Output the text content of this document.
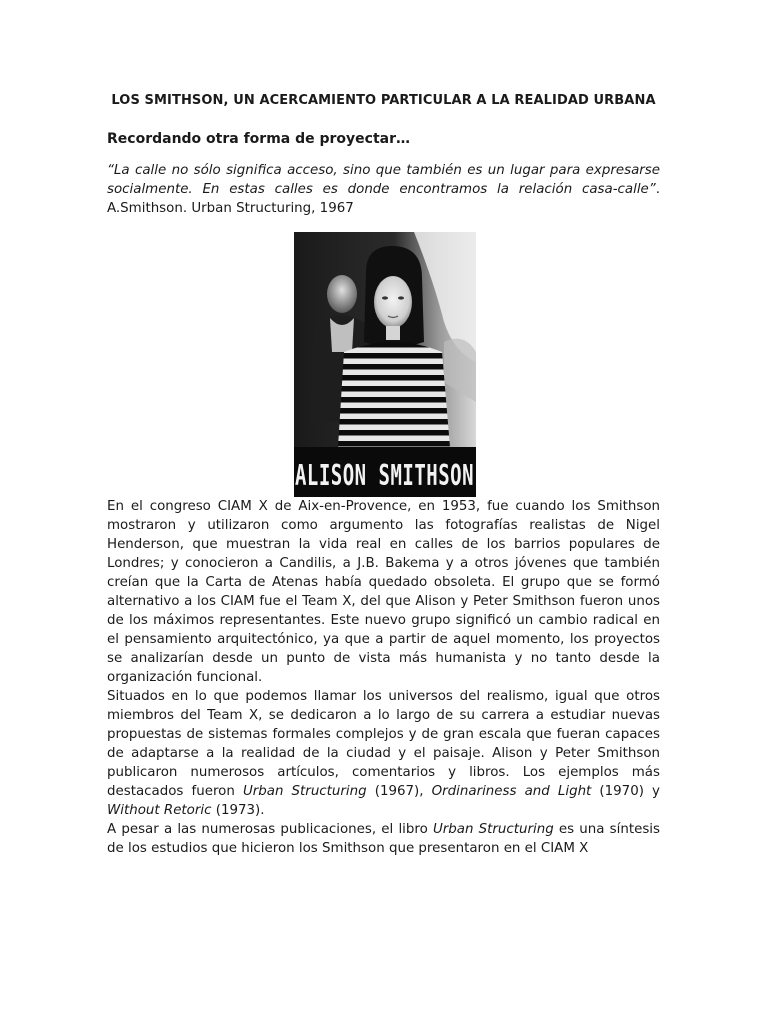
LOS SMITHSON, UN ACERCAMIENTO PARTICULAR A LA REALIDAD URBANA
Recordando otra forma de proyectar…

“La calle no sólo significa acceso, sino que también es un lugar para expresarse socialmente. En estas calles es donde encontramos la relación casa-calle”. A.Smithson. Urban Structuring, 1967

ALISON SMITHSON

En el congreso CIAM X de Aix-en-Provence, en 1953, fue cuando los Smithson mostraron y utilizaron como argumento las fotografías realistas de Nigel Henderson, que muestran la vida real en calles de los barrios populares de Londres; y conocieron a Candilis, a J.B. Bakema y a otros jóvenes que también creían que la Carta de Atenas había quedado obsoleta. El grupo que se formó alternativo a los CIAM fue el Team X, del que Alison y Peter Smithson fueron unos de los máximos representantes. Este nuevo grupo significó un cambio radical en el pensamiento arquitectónico, ya que a partir de aquel momento, los proyectos se analizarían desde un punto de vista más humanista y no tanto desde la organización funcional.

Situados en lo que podemos llamar los universos del realismo, igual que otros miembros del Team X, se dedicaron a lo largo de su carrera a estudiar nuevas propuestas de sistemas formales complejos y de gran escala que fueran capaces de adaptarse a la realidad de la ciudad y el paisaje. Alison y Peter Smithson publicaron numerosos artículos, comentarios y libros. Los ejemplos más destacados fueron Urban Structuring (1967), Ordinariness and Light (1970) y Without Retoric (1973).

A pesar a las numerosas publicaciones, el libro Urban Structuring es una síntesis de los estudios que hicieron los Smithson que presentaron en el CIAM X
